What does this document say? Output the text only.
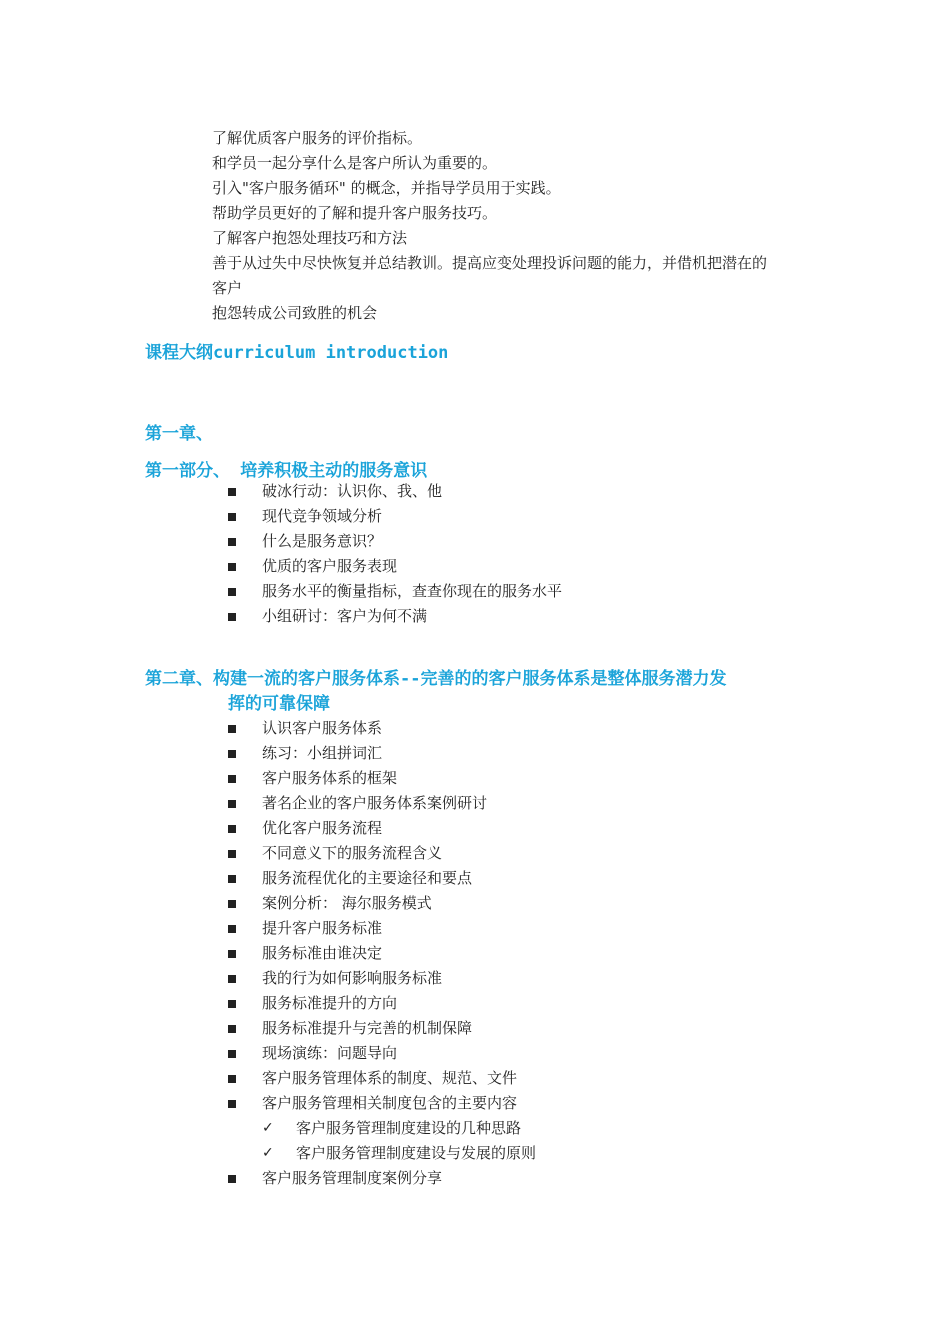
了解优质客户服务的评价指标。
和学员一起分享什么是客户所认为重要的。
引入"客户服务循环" 的概念，并指导学员用于实践。
帮助学员更好的了解和提升客户服务技巧。
了解客户抱怨处理技巧和方法
善于从过失中尽快恢复并总结教训。提高应变处理投诉问题的能力，并借机把潜在的
客户
抱怨转成公司致胜的机会
课程大纲curriculum introduction
第一章、
第一部分、 培养积极主动的服务意识
破冰行动：认识你、我、他
现代竞争领域分析
什么是服务意识？
优质的客户服务表现
服务水平的衡量指标，查查你现在的服务水平
小组研讨：客户为何不满
第二章、构建一流的客户服务体系--完善的的客户服务体系是整体服务潜力发
挥的可靠保障
认识客户服务体系
练习：小组拼词汇
客户服务体系的框架
著名企业的客户服务体系案例研讨
优化客户服务流程
不同意义下的服务流程含义
服务流程优化的主要途径和要点
案例分析： 海尔服务模式
提升客户服务标准
服务标准由谁决定
我的行为如何影响服务标准
服务标准提升的方向
服务标准提升与完善的机制保障
现场演练：问题导向
客户服务管理体系的制度、规范、文件
客户服务管理相关制度包含的主要内容
✓ 客户服务管理制度建设的几种思路
✓ 客户服务管理制度建设与发展的原则
客户服务管理制度案例分享
